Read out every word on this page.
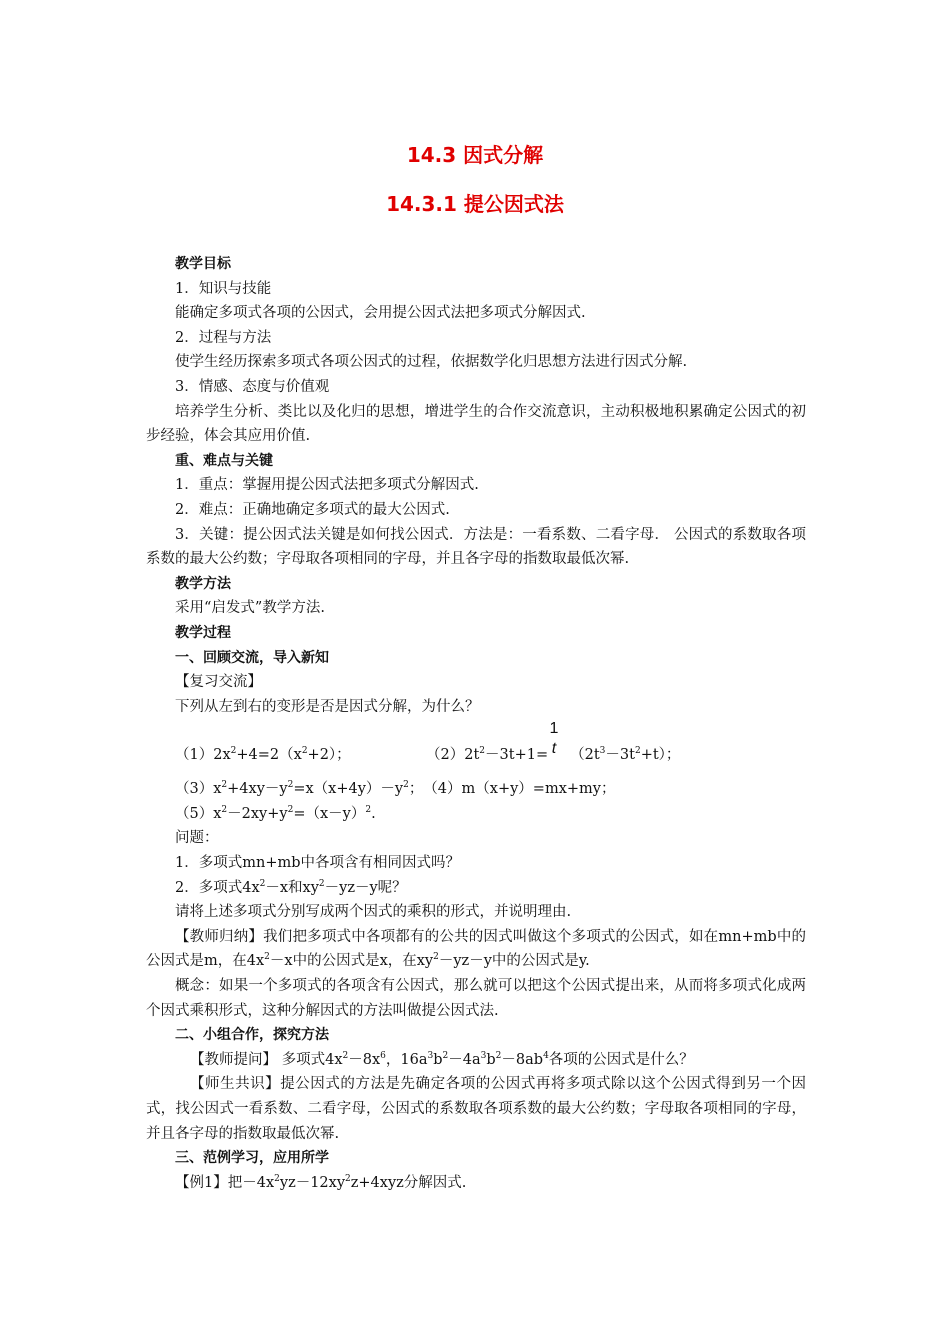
14.3 因式分解
14.3.1 提公因式法
教学目标
1．知识与技能
能确定多项式各项的公因式，会用提公因式法把多项式分解因式.
2．过程与方法
使学生经历探索多项式各项公因式的过程，依据数学化归思想方法进行因式分解.
3．情感、态度与价值观
培养学生分析、类比以及化归的思想，增进学生的合作交流意识，主动积极地积累确定公因式的初步经验，体会其应用价值.
重、难点与关键
1．重点：掌握用提公因式法把多项式分解因式.
2．难点：正确地确定多项式的最大公因式.
3．关键：提公因式法关键是如何找公因式．方法是：一看系数、二看字母． 公因式的系数取各项系数的最大公约数；字母取各项相同的字母，并且各字母的指数取最低次幂.
教学方法
采用“启发式”教学方法.
教学过程
一、回顾交流，导入新知
【复习交流】
下列从左到右的变形是否是因式分解，为什么？
$(1)2x^2+4=2(x^2+2)$；	$(2)2t^2-3t+1= (2t^3-3t^2+t)$；
1
t
$(3)x^2+4xy-y^2=x(x+4y)-y^2$；　（4）m（x+y）=mx+my；
$(5)x^2-2xy+y^2=(x-y)^2$.
问题：
1．多项式mn+mb中各项含有相同因式吗？
2．多项式$4x^2-x$和$xy^2-yz-y$呢？
请将上述多项式分别写成两个因式的乘积的形式，并说明理由.
【教师归纳】我们把多项式中各项都有的公共的因式叫做这个多项式的公因式，如在mn+mb中的公因式是m，在$4x^2-x$中的公因式是x，在$xy^2-yz-y$中的公因式是y.
概念：如果一个多项式的各项含有公因式，那么就可以把这个公因式提出来，从而将多项式化成两个因式乘积形式，这种分解因式的方法叫做提公因式法.
二、小组合作，探究方法
【教师提问】 多项式$4x^2-8x^6$，$16a^3b^2-4a^3b^2-8ab^4$各项的公因式是什么？
【师生共识】提公因式的方法是先确定各项的公因式再将多项式除以这个公因式得到另一个因式，找公因式一看系数、二看字母，公因式的系数取各项系数的最大公约数；字母取各项相同的字母，并且各字母的指数取最低次幂.
三、范例学习，应用所学
【例1】把$-4x^2yz-12xy^2z+4xyz$分解因式.
